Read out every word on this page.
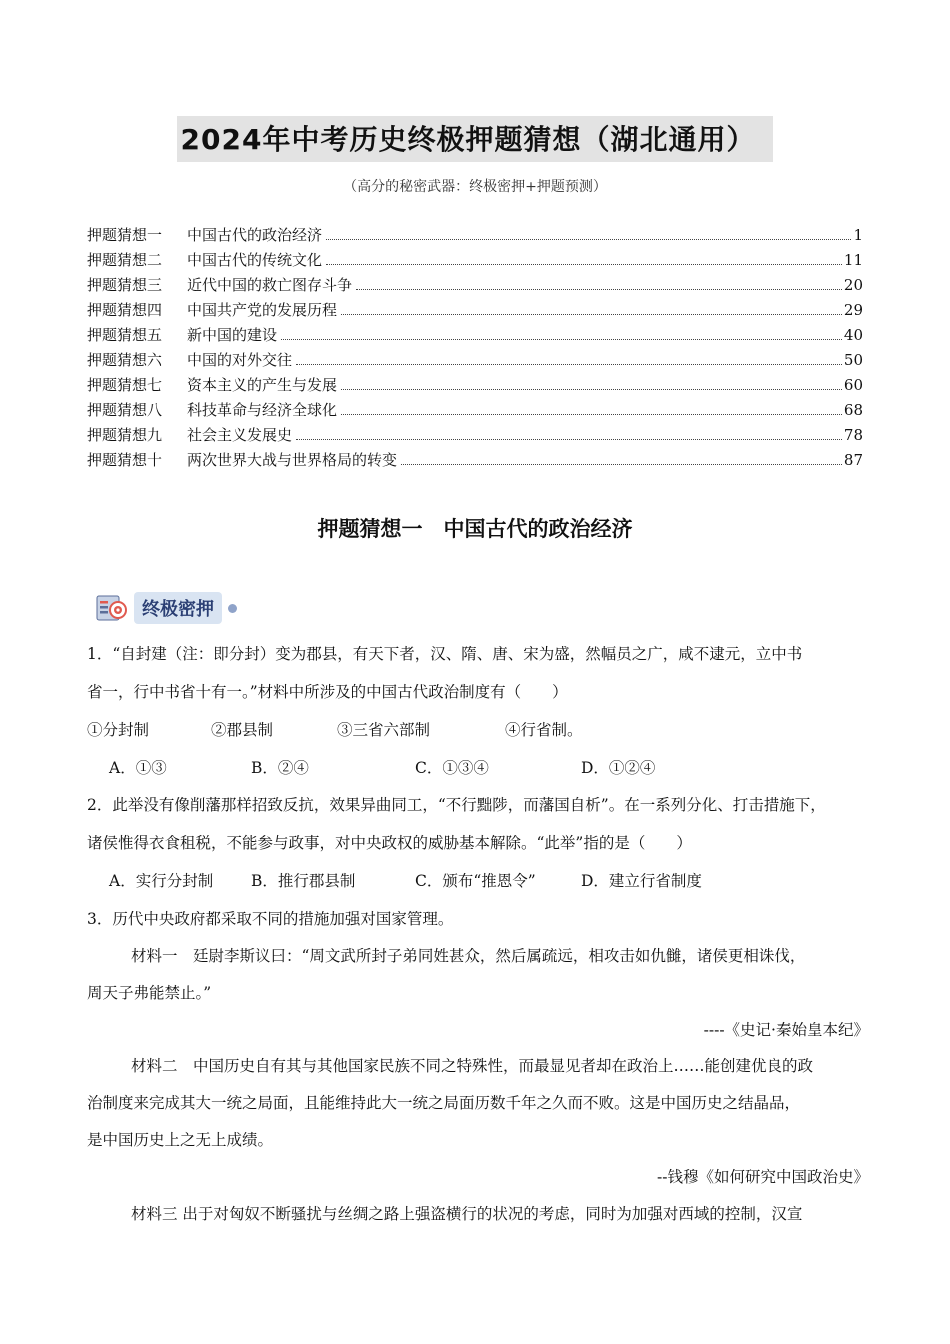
2024年中考历史终极押题猜想（湖北通用）
（高分的秘密武器：终极密押+押题预测）
押题猜想一	中国古代的政治经济	1
押题猜想二	中国古代的传统文化	11
押题猜想三	近代中国的救亡图存斗争	20
押题猜想四	中国共产党的发展历程	29
押题猜想五	新中国的建设	40
押题猜想六	中国的对外交往	50
押题猜想七	资本主义的产生与发展	60
押题猜想八	科技革命与经济全球化	68
押题猜想九	社会主义发展史	78
押题猜想十	两次世界大战与世界格局的转变	87
押题猜想一　中国古代的政治经济
终极密押
1．“自封建（注：即分封）变为郡县，有天下者，汉、隋、唐、宋为盛，然幅员之广，咸不逮元，立中书
省一，行中书省十有一。”材料中所涉及的中国古代政治制度有（　　）
①分封制	②郡县制	③三省六部制	④行省制。
A．①③	B．②④	C．①③④	D．①②④
2．此举没有像削藩那样招致反抗，效果异曲同工，“不行黜陟，而藩国自析”。在一系列分化、打击措施下，
诸侯惟得衣食租税，不能参与政事，对中央政权的威胁基本解除。“此举”指的是（　　）
A．实行分封制 B．推行郡县制	C．颁布“推恩令”	D．建立行省制度
3．历代中央政府都采取不同的措施加强对国家管理。
材料一　廷尉李斯议曰：“周文武所封子弟同姓甚众，然后属疏远，相攻击如仇雠，诸侯更相诛伐，
周天子弗能禁止。”
----《史记·秦始皇本纪》
材料二　中国历史自有其与其他国家民族不同之特殊性，而最显见者却在政治上……能创建优良的政
治制度来完成其大一统之局面，且能维持此大一统之局面历数千年之久而不败。这是中国历史之结晶品，
是中国历史上之无上成绩。
--钱穆《如何研究中国政治史》
材料三 出于对匈奴不断骚扰与丝绸之路上强盗横行的状况的考虑，同时为加强对西域的控制，汉宣
